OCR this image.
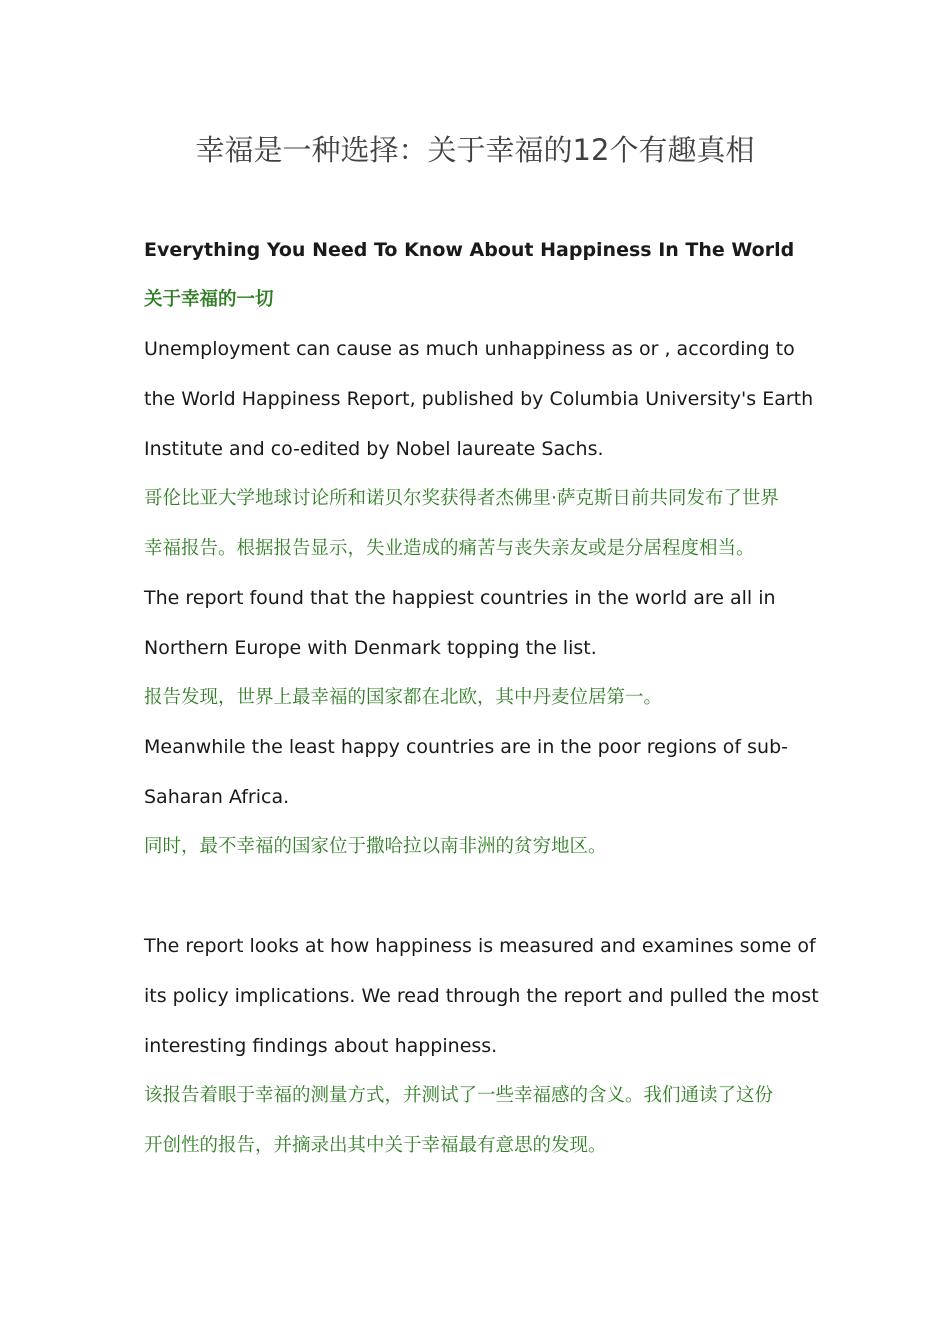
幸福是一种选择：关于幸福的12个有趣真相
Everything You Need To Know About Happiness In The World
关于幸福的一切
Unemployment can cause as much unhappiness as or , according to
the World Happiness Report, published by Columbia University's Earth
Institute and co-edited by Nobel laureate Sachs.
哥伦比亚大学地球讨论所和诺贝尔奖获得者杰佛里·萨克斯日前共同发布了世界
幸福报告。根据报告显示，失业造成的痛苦与丧失亲友或是分居程度相当。
The report found that the happiest countries in the world are all in
Northern Europe with Denmark topping the list.
报告发现，世界上最幸福的国家都在北欧，其中丹麦位居第一。
Meanwhile the least happy countries are in the poor regions of sub-
Saharan Africa.
同时，最不幸福的国家位于撒哈拉以南非洲的贫穷地区。
The report looks at how happiness is measured and examines some of
its policy implications. We read through the report and pulled the most
interesting findings about happiness.
该报告着眼于幸福的测量方式，并测试了一些幸福感的含义。我们通读了这份
开创性的报告，并摘录出其中关于幸福最有意思的发现。
